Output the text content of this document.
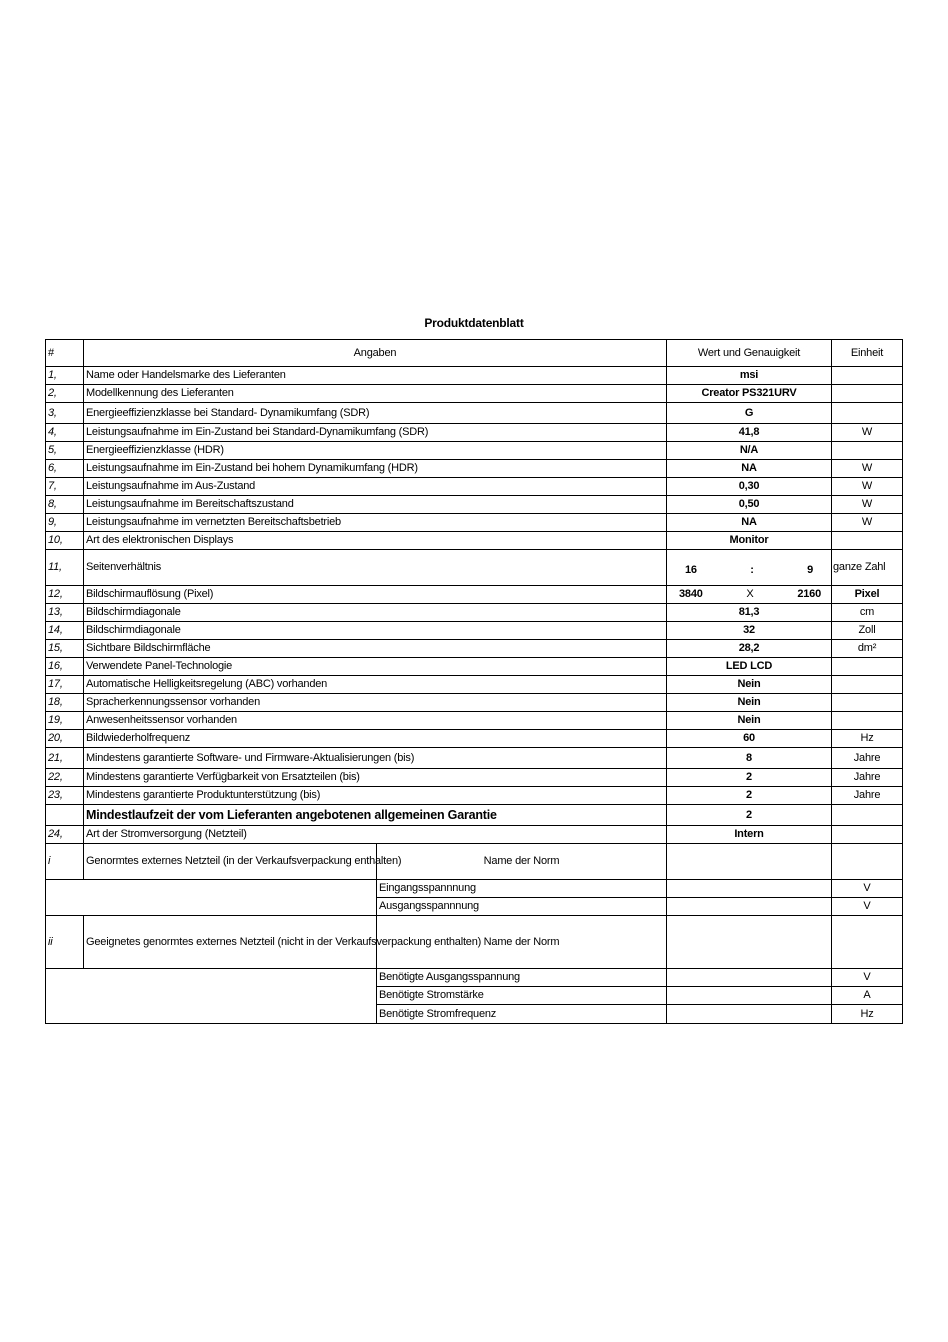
Produktdatenblatt
#	Angaben		Wert und Genauigkeit	Einheit
1,	Name oder Handelsmarke des Lieferanten		msi	
2,	Modellkennung des Lieferanten		Creator PS321URV	
3,	Energieeffizienzklasse bei Standard- Dynamikumfang (SDR)		G	
4,	Leistungsaufnahme im Ein-Zustand bei Standard-Dynamikumfang (SDR)		41,8	W
5,	Energieeffizienzklasse (HDR)		N/A	
6,	Leistungsaufnahme im Ein-Zustand bei hohem Dynamikumfang (HDR)		NA	W
7,	Leistungsaufnahme im Aus-Zustand		0,30	W
8,	Leistungsaufnahme im Bereitschaftszustand		0,50	W
9,	Leistungsaufnahme im vernetzten Bereitschaftsbetrieb		NA	W
10,	Art des elektronischen Displays		Monitor	
11,	Seitenverhältnis		16 : 9	ganze Zahl
12,	Bildschirmauflösung (Pixel)		3840 X 2160	Pixel
13,	Bildschirmdiagonale		81,3	cm
14,	Bildschirmdiagonale		32	Zoll
15,	Sichtbare Bildschirmfläche		28,2	dm²
16,	Verwendete Panel-Technologie		LED LCD	
17,	Automatische Helligkeitsregelung (ABC) vorhanden		Nein	
18,	Spracherkennungssensor vorhanden		Nein	
19,	Anwesenheitssensor vorhanden		Nein	
20,	Bildwiederholfrequenz		60	Hz
21,	Mindestens garantierte Software- und Firmware-Aktualisierungen (bis)		8	Jahre
22,	Mindestens garantierte Verfügbarkeit von Ersatzteilen (bis)		2	Jahre
23,	Mindestens garantierte Produktunterstützung (bis)		2	Jahre
	Mindestlaufzeit der vom Lieferanten angebotenen allgemeinen Garantie		2	
24,	Art der Stromversorgung (Netzteil)		Intern	
i	Genormtes externes Netzteil (in der Verkaufsverpackung enthalten)	Name der Norm		
		Eingangsspannnung		V
		Ausgangsspannnung		V
ii	Geeignetes genormtes externes Netzteil (nicht in der Verkaufsverpackung enthalten)	Name der Norm		
		Benötigte Ausgangsspannung		V
		Benötigte Stromstärke		A
		Benötigte Stromfrequenz		Hz
